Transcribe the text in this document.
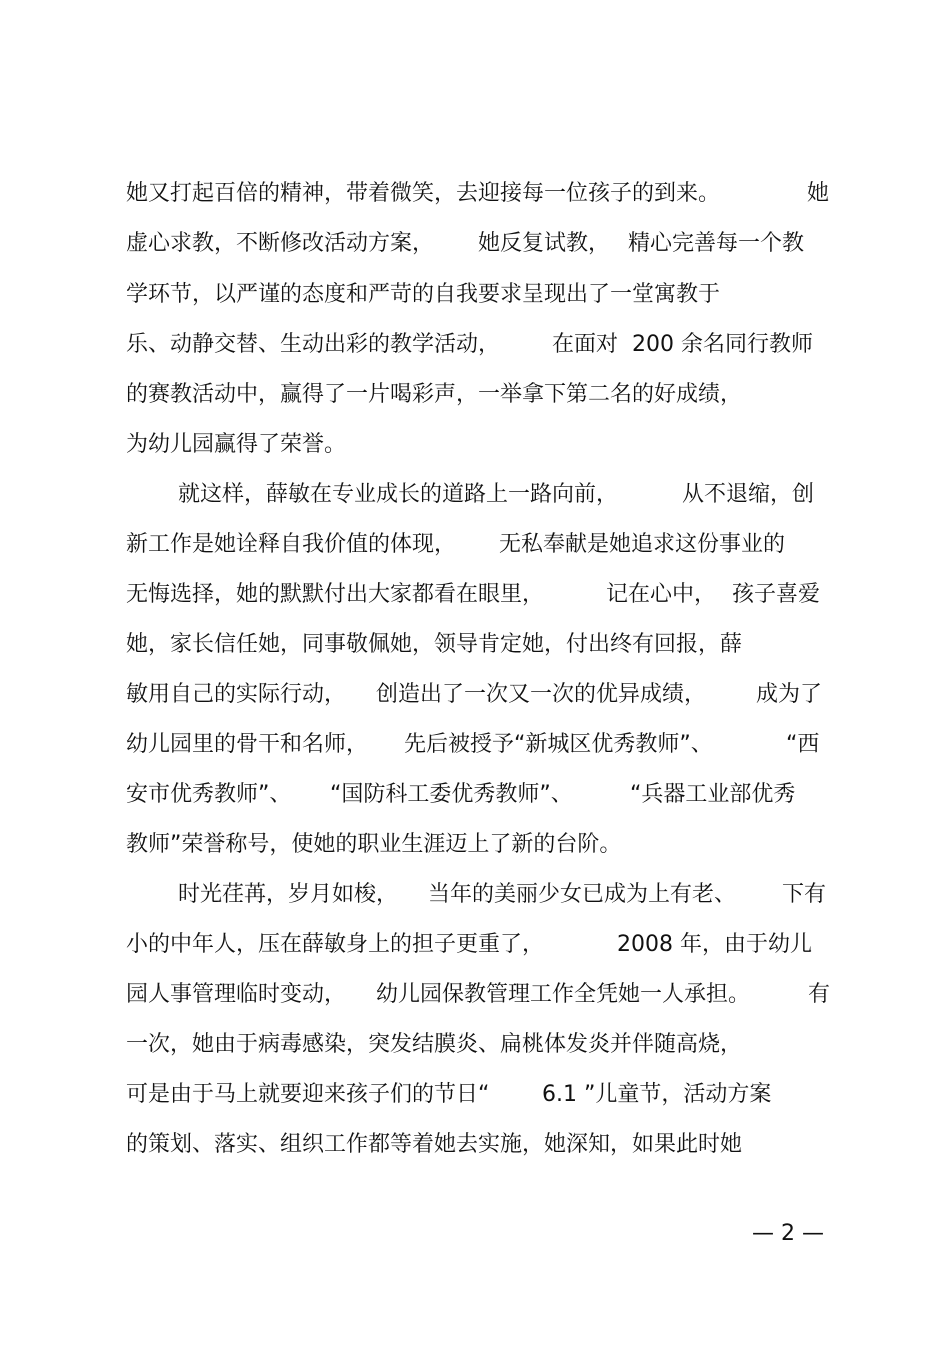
她又打起百倍的精神，带着微笑，去迎接每一位孩子的到来。

	她

虚心求教，不断修改活动方案，

她反复试教，

精心完善每一个教

学环节，以严谨的态度和严苛的自我要求呈现出了一堂寓教于

乐、动静交替、生动出彩的教学活动，

在面对

200 余名同行教师

的赛教活动中，赢得了一片喝彩声，一举拿下第二名的好成绩，

为幼儿园赢得了荣誉。

就这样，薛敏在专业成长的道路上一路向前，

	从不退缩，创

新工作是她诠释自我价值的体现，

无私奉献是她追求这份事业的

无悔选择，她的默默付出大家都看在眼里，

	记在心中，

孩子喜爱

她，家长信任她，同事敬佩她，领导肯定她，付出终有回报，薛

敏用自己的实际行动，

创造出了一次又一次的优异成绩，

成为了

幼儿园里的骨干和名师，

先后被授予“新城区优秀教师”、

	“西

安市优秀教师”、

“国防科工委优秀教师”、

	“兵器工业部优秀

教师”荣誉称号，使她的职业生涯迈上了新的台阶。

时光荏苒，岁月如梭，

当年的美丽少女已成为上有老、

下有

小的中年人，压在薛敏身上的担子更重了，

	2008 年，由于幼儿

园人事管理临时变动，

幼儿园保教管理工作全凭她一人承担。

	有

一次，她由于病毒感染，突发结膜炎、扁桃体发炎并伴随高烧，

可是由于马上就要迎来孩子们的节日“

6.1 ”儿童节，活动方案

的策划、落实、组织工作都等着她去实施，她深知，如果此时她

— 2 —
